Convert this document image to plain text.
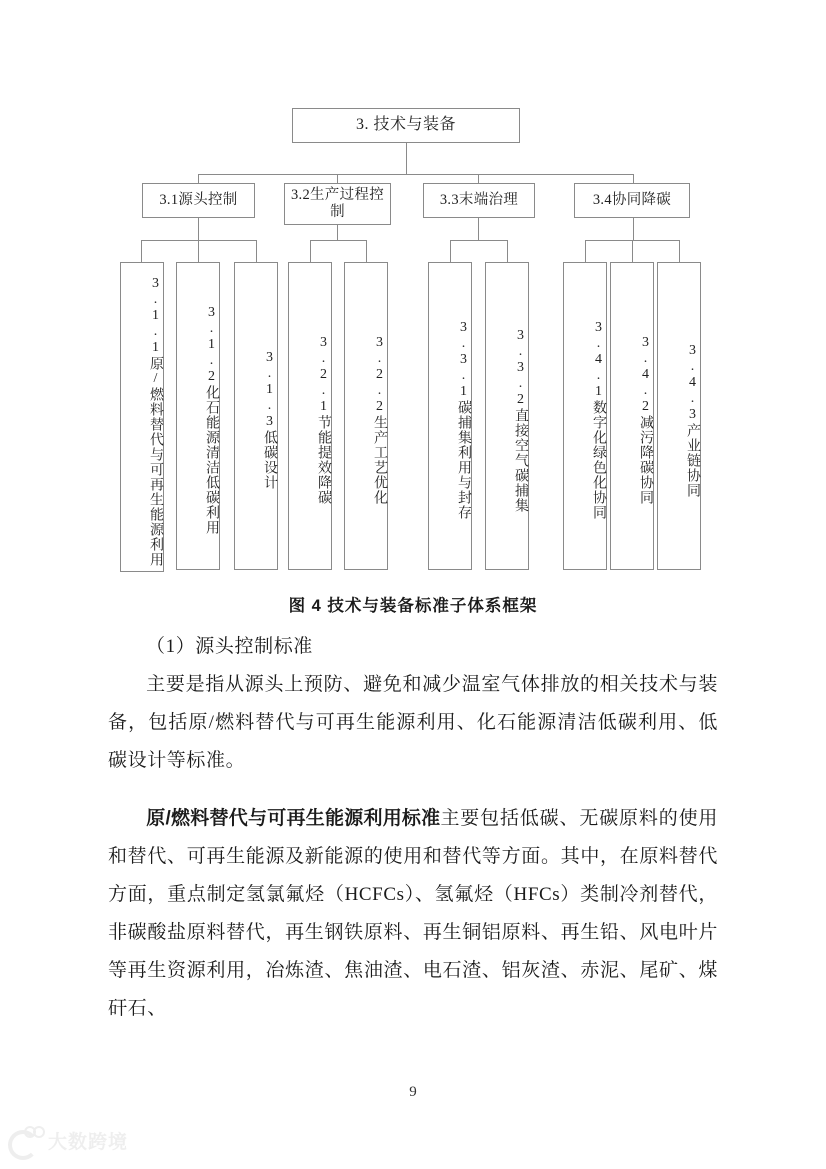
3. 技术与装备
3.1源头控制	3.2生产过程控制
3.3末端治理	3.4协同降碳
3.1.1原/燃料替代与可再生能源利用	3.1.2化石能源清洁低碳利用	3.1.3低碳设计	3.2.1节能提效降碳	3.2.2生产工艺优化	3.3.1碳捕集利用与封存	3.3.2直接空气碳捕集	3.4.1数字化绿色化协同	3.4.2减污降碳协同	3.4.3产业链协同
图 4 技术与装备标准子体系框架
（1）源头控制标准
主要是指从源头上预防、避免和减少温室气体排放的相关技术与装备，包括原/燃料替代与可再生能源利用、化石能源清洁低碳利用、低碳设计等标准。
原/燃料替代与可再生能源利用标准主要包括低碳、无碳原料的使用和替代、可再生能源及新能源的使用和替代等方面。其中，在原料替代方面，重点制定氢氯氟烃（HCFCs）、氢氟烃（HFCs）类制冷剂替代，非碳酸盐原料替代，再生钢铁原料、再生铜铝原料、再生铅、风电叶片等再生资源利用，冶炼渣、焦油渣、电石渣、铝灰渣、赤泥、尾矿、煤矸石、
9
大数跨境
